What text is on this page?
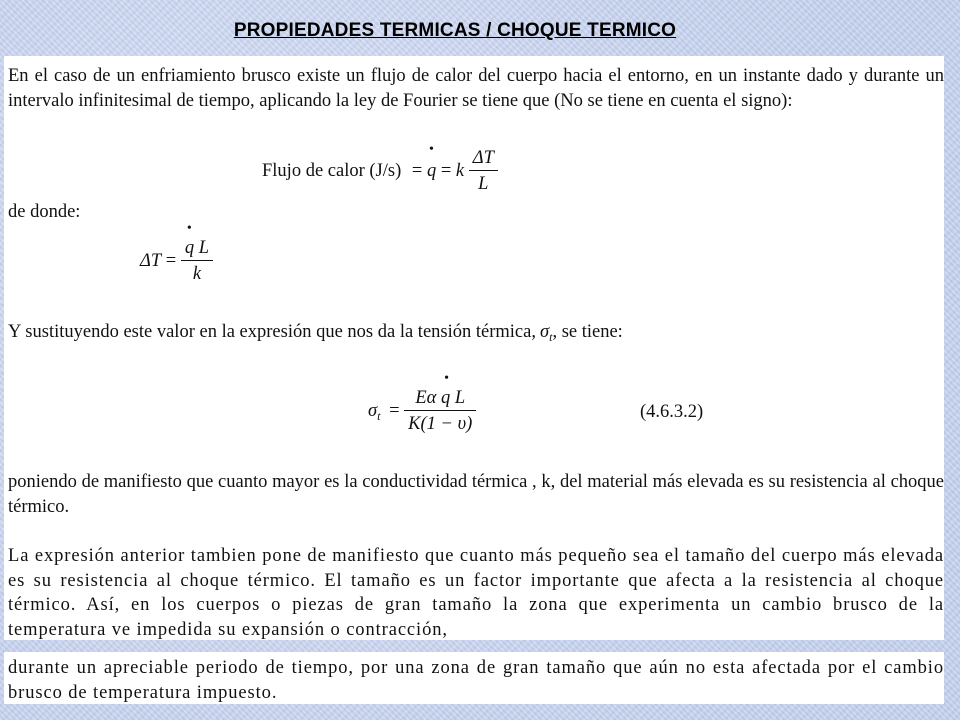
PROPIEDADES TERMICAS / CHOQUE TERMICO

En el caso de un enfriamiento brusco existe un flujo de calor del cuerpo hacia el entorno, en un instante dado y durante un intervalo infinitesimal de tiempo, aplicando la ley de Fourier se tiene que (No se tiene en cuenta el signo):

Flujo de calor (J/s) =
•
q = k $\frac{\Delta T}{L}$

de donde:

ΔT =
•
q L
k

Y sustituyendo este valor en la expresión que nos da la tensión térmica, $\sigma_t$, se tiene:

$\sigma_t$ =
•
Eα q L
K(1 − υ)
(4.6.3.2)

poniendo de manifiesto que cuanto mayor es la conductividad térmica , k, del material más elevada es su resistencia al choque térmico.

La expresión anterior tambien pone de manifiesto que cuanto más pequeño sea el tamaño del cuerpo más elevada es su resistencia al choque térmico. El tamaño es un factor importante que afecta a la resistencia al choque térmico. Así, en los cuerpos o piezas de gran tamaño la zona que experimenta un cambio brusco de la temperatura ve impedida su expansión o contracción,

durante un apreciable periodo de tiempo, por una zona de gran tamaño que aún no esta afectada por el cambio brusco de temperatura impuesto.
